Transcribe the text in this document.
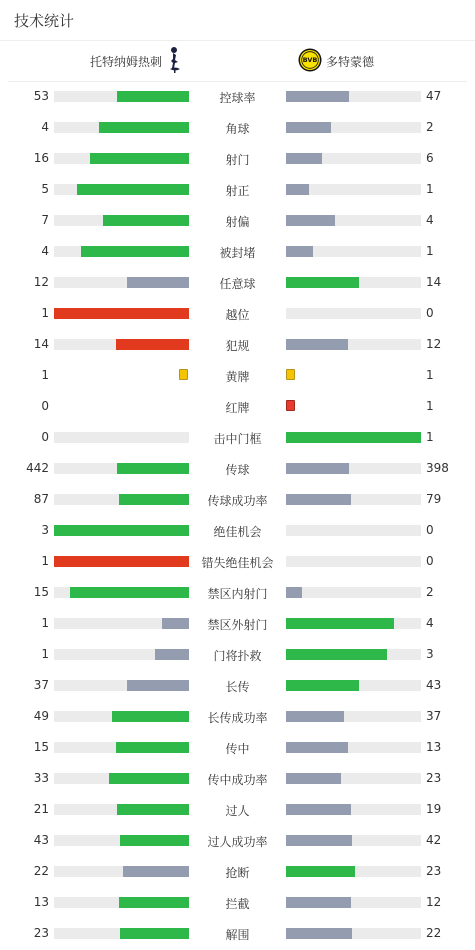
技术统计
托特纳姆热刺	BVB 多特蒙德
53	控球率	47
4	角球	2
16	射门	6
5	射正	1
7	射偏	4
4	被封堵	1
12	任意球	14
1	越位	0
14	犯规	12
1	黄牌	1
0	红牌	1
0	击中门框	1
442	传球	398
87	传球成功率	79
3	绝佳机会	0
1	错失绝佳机会	0
15	禁区内射门	2
1	禁区外射门	4
1	门将扑救	3
37	长传	43
49	长传成功率	37
15	传中	13
33	传中成功率	23
21	过人	19
43	过人成功率	42
22	抢断	23
13	拦截	12
23	解围	22
